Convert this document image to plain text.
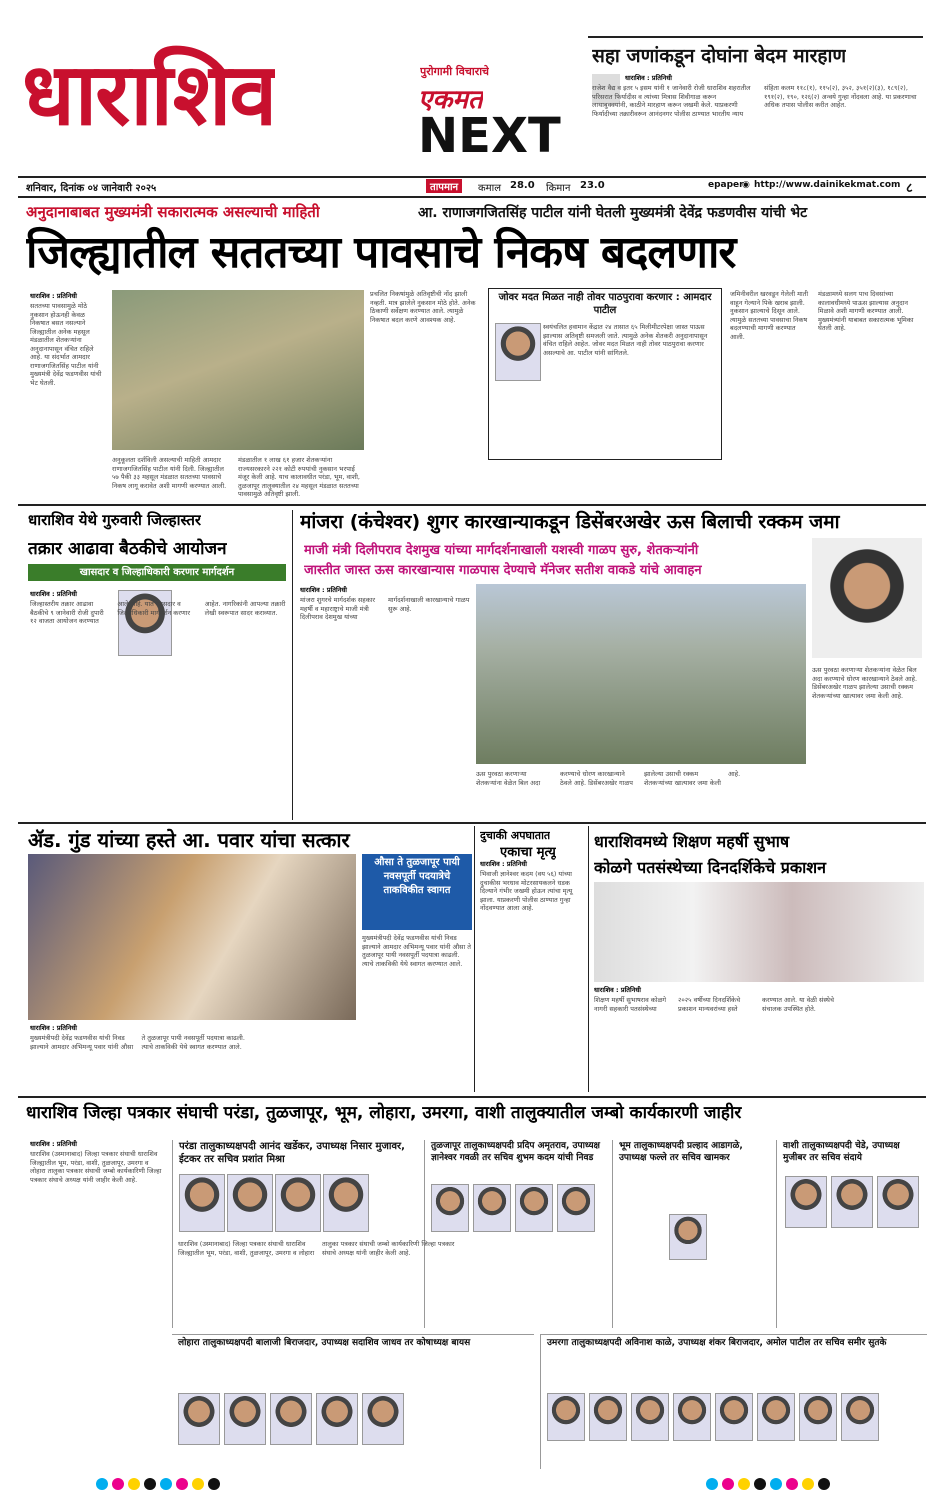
धाराशिव	पुरोगामी विचाराचे
एकमत
NEXT
सहा जणांकडून दोघांना बेदम मारहाण
धाराशिव : प्रतिनिधी
राजेश वैद्य व इतर ५ इसम यांनी १ जानेवारी रोजी धाराशिव शहरातील परिसरात फिर्यादीस व त्यांच्या मित्रास शिवीगाळ करून लाथाबुक्क्यांनी, काठीने मारहाण करून जखमी केले. याप्रकरणी फिर्यादीच्या तक्रारीवरून आनंदनगर पोलीस ठाण्यात भारतीय न्याय संहिता कलम ११८(१), ११५(२), ३५२, ३५१(२)(३), १८९(२), १९१(२), १९०, १२६(२) अन्वये गुन्हा नोंदवला आहे. या प्रकरणाचा अधिक तपास पोलीस करीत आहेत.
शनिवार, दिनांक ०४ जानेवारी २०२५	तापमान	कमाल 28.0 किमान 23.0	epaper
◉ http://www.dainikekmat.com ८
अनुदानाबाबत मुख्यमंत्री सकारात्मक असल्याची माहिती	आ. राणाजगजितसिंह पाटील यांनी घेतली मुख्यमंत्री देवेंद्र फडणवीस यांची भेट
जिल्ह्यातील सततच्या पावसाचे निकष बदलणार
धाराशिव : प्रतिनिधी
सततच्या पावसामुळे मोठे नुकसान होऊनही केवळ निकषात बसत नसल्याने जिल्ह्यातील अनेक महसूल मंडळातील शेतकऱ्यांना अनुदानापासून वंचित राहिले आहे. या संदर्भात आमदार राणाजगजितसिंह पाटील यांनी मुख्यमंत्री देवेंद्र फडणवीस यांची भेट घेतली.
अनुकूलता दर्शविली असल्याची माहिती आमदार राणाजगजितसिंह पाटील यांनी दिली. जिल्ह्यातील ५७ पैकी ३३ महसूल मंडळात सततच्या पावसाचे निकष लागू करावेत अशी मागणी करण्यात आली.
मंडळातील १ लाख ६१ हजार शेतकऱ्यांना राज्यसरकारने २२१ कोटी रुपयांची नुकसान भरपाई मंजूर केली आहे. याच कालावधीत परंडा, भूम, वाशी, तुळजापूर तालुक्यातील २४ महसूल मंडळात सततच्या पावसामुळे अतिवृष्टी झाली.
प्रचलित निकषांमुळे अतिवृष्टीची नोंद झाली नव्हती. मात्र झालेले नुकसान मोठे होते. अनेक ठिकाणी सर्वेक्षण करण्यात आले. त्यामुळे निकषात बदल करणे आवश्यक आहे.
जोवर मदत मिळत नाही तोवर पाठपुरावा करणार : आमदार पाटील
स्वयंचलित हवामान केंद्रात २४ तासात ६५ मिलीमीटरपेक्षा जास्त पाऊस झाल्यास अतिवृष्टी समजली जाते. त्यामुळे अनेक शेतकरी अनुदानापासून वंचित राहिले आहेत. जोवर मदत मिळत नाही तोवर पाठपुरावा करणार असल्याचे आ. पाटील यांनी सांगितले.
जमिनीवरील खरवडून गेलेली माती वाहून गेल्याने पिके खराब झाली. नुकसान झाल्याचे दिसून आले. त्यामुळे सततच्या पावसाचा निकष बदलण्याची मागणी करण्यात आली.
मंडळामध्ये सलग पाच दिवसांच्या कालावधीमध्ये पाऊस झाल्यास अनुदान मिळावे अशी मागणी करण्यात आली. मुख्यमंत्र्यांनी याबाबत सकारात्मक भूमिका घेतली आहे.
धाराशिव येथे गुरुवारी जिल्हास्तर
तक्रार आढावा बैठकीचे आयोजन
खासदार व जिल्हाधिकारी करणार मार्गदर्शन
धाराशिव : प्रतिनिधी
जिल्हास्तरीय तक्रार आढावा बैठकीचे ९ जानेवारी रोजी दुपारी १२ वाजता आयोजन करण्यात आले आहे. यात खासदार व जिल्हाधिकारी मार्गदर्शन करणार आहेत. नागरिकांनी आपल्या तक्रारी लेखी स्वरूपात सादर कराव्यात.
मांजरा (कंचेश्वर) शुगर कारखान्याकडून डिसेंबरअखेर ऊस बिलाची रक्कम जमा
माजी मंत्री दिलीपराव देशमुख यांच्या मार्गदर्शनाखाली यशस्वी गाळप सुरु, शेतकऱ्यांनी
जास्तीत जास्त ऊस कारखान्यास गाळपास देण्याचे मॅनेजर सतीश वाकडे यांचे आवाहन
धाराशिव : प्रतिनिधी
मांजरा शुगरचे मार्गदर्शक सहकार महर्षी व महाराष्ट्राचे माजी मंत्री दिलीपराव देशमुख यांच्या मार्गदर्शनाखाली कारखान्याचे गाळप सुरू आहे.
ऊस पुरवठा करणाऱ्या शेतकऱ्यांना वेळेत बिल अदा करण्याचे धोरण कारखान्याने ठेवले आहे. डिसेंबरअखेर गाळप झालेल्या उसाची रक्कम शेतकऱ्यांच्या खात्यावर जमा केली आहे.
ऊस पुरवठा करणाऱ्या शेतकऱ्यांना वेळेत बिल अदा करण्याचे धोरण कारखान्याने ठेवले आहे. डिसेंबरअखेर गाळप झालेल्या उसाची रक्कम शेतकऱ्यांच्या खात्यावर जमा केली आहे.
ॲड. गुंड यांच्या हस्ते आ. पवार यांचा सत्कार
औसा ते तुळजापूर पायी नवसपूर्ती पदयात्रेचे ताकविकीत स्वागत
धाराशिव : प्रतिनिधी
मुख्यमंत्रीपदी देवेंद्र फडणवीस यांची निवड झाल्याने आमदार अभिमन्यू पवार यांनी औसा ते तुळजापूर पायी नवसपूर्ती पदयात्रा काढली. त्याचे ताकविकी येथे स्वागत करण्यात आले.
मुख्यमंत्रीपदी देवेंद्र फडणवीस यांची निवड झाल्याने आमदार अभिमन्यू पवार यांनी औसा ते तुळजापूर पायी नवसपूर्ती पदयात्रा काढली. त्याचे ताकविकी येथे स्वागत करण्यात आले.
दुचाकी अपघातात
एकाचा मृत्यू
धाराशिव : प्रतिनिधी
भिवाजी ज्ञानेश्वर कदम (वय ५६) यांच्या दुचाकीस भरधाव मोटरसायकलने धडक दिल्याने गंभीर जखमी होऊन त्यांचा मृत्यू झाला. याप्रकरणी पोलीस ठाण्यात गुन्हा नोंदवण्यात आला आहे.
धाराशिवमध्ये शिक्षण महर्षी सुभाष
कोळगे पतसंस्थेच्या दिनदर्शिकेचे प्रकाशन
धाराशिव : प्रतिनिधी
शिक्षण महर्षी सुभाषराव कोळगे नागरी सहकारी पतसंस्थेच्या २०२५ वर्षीच्या दिनदर्शिकेचे प्रकाशन मान्यवरांच्या हस्ते करण्यात आले. या वेळी संस्थेचे संचालक उपस्थित होते.
धाराशिव जिल्हा पत्रकार संघाची परंडा, तुळजापूर, भूम, लोहारा, उमरगा, वाशी तालुक्यातील जम्बो कार्यकारणी जाहीर
धाराशिव : प्रतिनिधी
धाराशिव (उस्मानाबाद) जिल्हा पत्रकार संघाची धाराशिव जिल्ह्यातील भूम, परंडा, वाशी, तुळजापूर, उमरगा व लोहारा तालुका पत्रकार संघाची जम्बो कार्यकारिणी जिल्हा पत्रकार संघाचे अध्यक्ष यांनी जाहीर केली आहे.
परंडा तालुकाध्यक्षपदी आनंद खर्डेकर, उपाध्यक्ष निसार मुजावर, ईटकर तर सचिव प्रशांत मिश्रा
तुळजापूर तालुकाध्यक्षपदी प्रदिप अमृतराव, उपाध्यक्ष ज्ञानेश्वर गवळी तर सचिव शुभम कदम यांची निवड
भूम तालुकाध्यक्षपदी प्रल्हाद आडागळे, उपाध्यक्ष फल्ले तर सचिव खामकर
वाशी तालुकाध्यक्षपदी चेडे, उपाध्यक्ष मुजीबर तर सचिव संदाये
धाराशिव (उस्मानाबाद) जिल्हा पत्रकार संघाची धाराशिव जिल्ह्यातील भूम, परंडा, वाशी, तुळजापूर, उमरगा व लोहारा तालुका पत्रकार संघाची जम्बो कार्यकारिणी जिल्हा पत्रकार संघाचे अध्यक्ष यांनी जाहीर केली आहे.
लोहारा तालुकाध्यक्षपदी बालाजी बिराजदार, उपाध्यक्ष सदाशिव जाधव तर कोषाध्यक्ष बायस	उमरगा तालुकाध्यक्षपदी अविनाश काळे, उपाध्यक्ष शंकर बिराजदार, अमोल पाटील तर सचिव समीर सुतके
